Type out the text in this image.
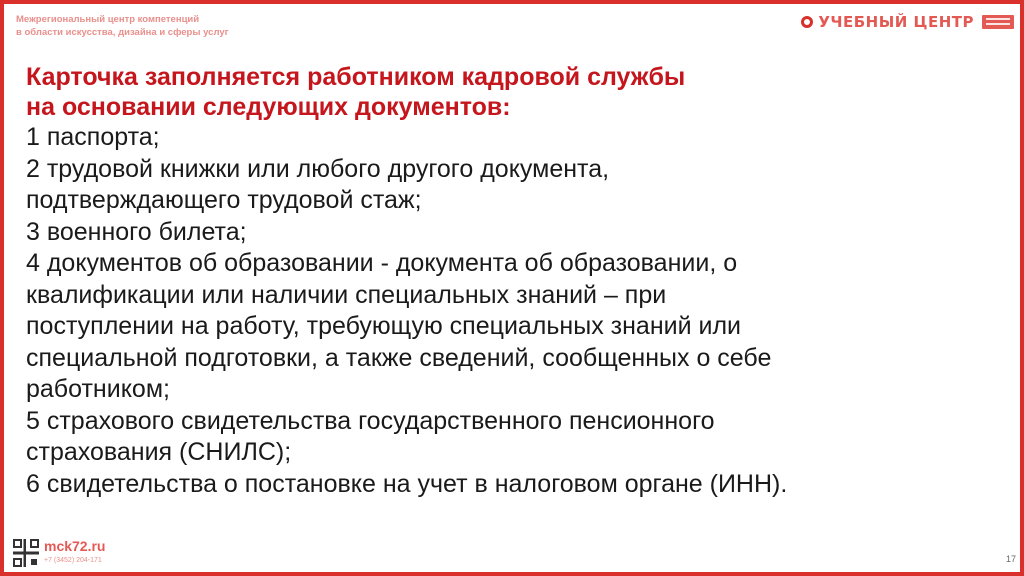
Межрегиональный центр компетенций
в области искусства, дизайна и сферы услуг
УЧЕБНЫЙ ЦЕНТР
Карточка заполняется работником кадровой службы
на основании следующих документов:
1 паспорта;
2 трудовой книжки или любого другого документа,
подтверждающего трудовой стаж;
3 военного билета;
4 документов об образовании - документа об образовании, о
квалификации или наличии специальных знаний – при
поступлении на работу, требующую специальных знаний или
специальной подготовки, а также сведений, сообщенных о себе
работником;
5 страхового свидетельства государственного пенсионного
страхования (СНИЛС);
6 свидетельства о постановке на учет в налоговом органе (ИНН).
mck72.ru
+7 (3452) 204-171	17
